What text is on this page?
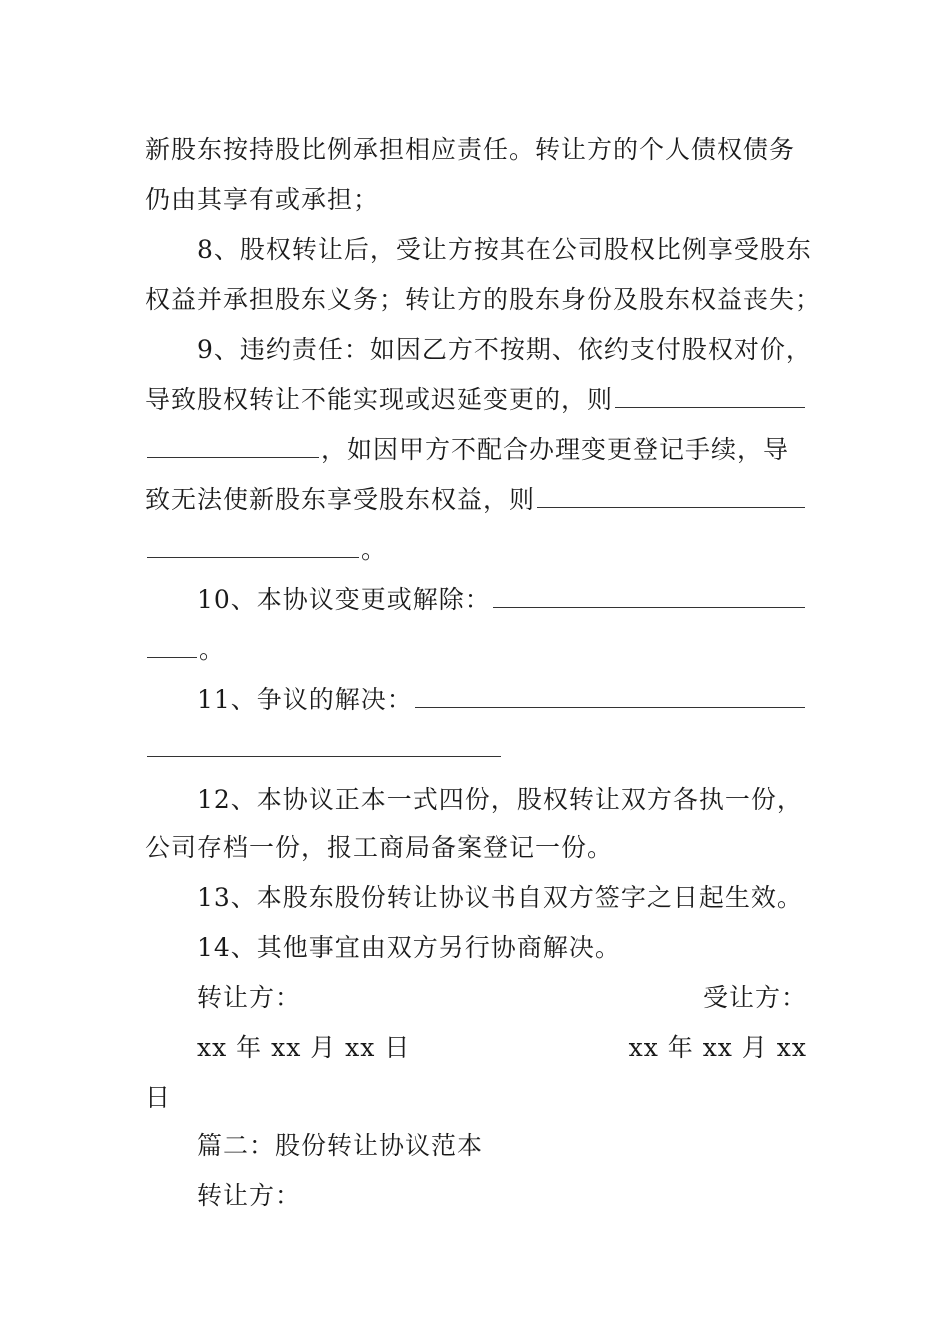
新股东按持股比例承担相应责任。转让方的个人债权债务
仍由其享有或承担；
8、股权转让后，受让方按其在公司股权比例享受股东
权益并承担股东义务；转让方的股东身份及股东权益丧失；
9、违约责任：如因乙方不按期、依约支付股权对价，
导致股权转让不能实现或迟延变更的，则
，如因甲方不配合办理变更登记手续，导
致无法使新股东享受股东权益，则
。
10、本协议变更或解除：
。
11、争议的解决：
12、本协议正本一式四份，股权转让双方各执一份，
公司存档一份，报工商局备案登记一份。
13、本股东股份转让协议书自双方签字之日起生效。
14、其他事宜由双方另行协商解决。
转让方：	受让方：
xx 年 xx 月 xx 日	xx 年 xx 月 xx
日
篇二：股份转让协议范本
转让方：
